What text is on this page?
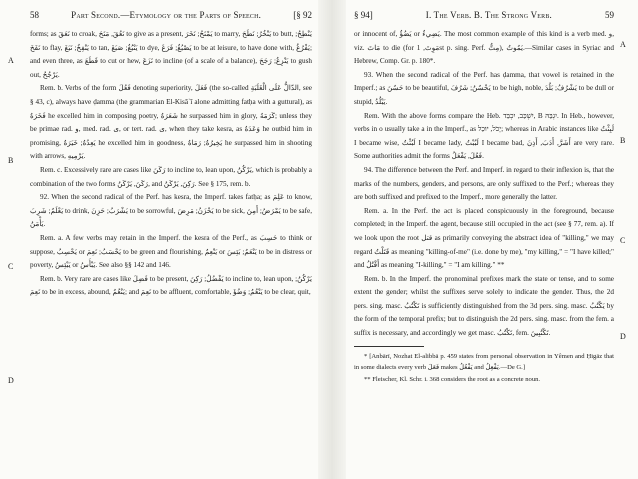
58	Part Second.—Etymology or the Parts of Speech.	[§ 92

forms; as نَعَقَ to croak, نَعُقَ, مَنَحَ to give as a present, يَمْنَحُ; نَخَرَ to marry, يَنْخُرُ; نَطَحَ to butt, يَنْطِحُ; نَفَخَ to flay, يَنْفِخُ; نَبَغَ to tan, يَنْبُغُ; صَبَغَ to dye, يَصْبُغُ; فَرَغَ to be at leisure, to have done with, يَفْرُغُ; and even three, as قَطَعَ to cut or hew, نَزَعَ to incline (of a scale of a balance), يَنْزِعُ; رَجَحَ to gush out, يَرْجُحُ.

Rem. b. Verbs of the form فَعُلَ denoting superiority, فَعَلَ (the so-called الدّالُّ عَلَى الْغَلَبَةِ, see § 43, c), always have ḍamma (the grammarian El-Kisāʾī alone admitting fatḥa with a guttural), as فَخَرَهُ he excelled him in composing poetry, شَعَرَهُ he surpassed him in glory, كَرَمَهُ; unless they be primae rad. و, med. rad. ى, or tert. rad. ى, when they take kesra, as وَعَدَهُ he outbid him in promising, يَعِدُهُ; خَيَرَهُ he excelled him in goodness, يَخِيرُهُ; رَمَاهُ he surpassed him in shooting with arrows, يَرْمِيهِ.

Rem. c. Excessively rare are cases like رَكَنَ to incline to, lean upon, يَرْكُنُ, which is probably a combination of the two forms رَكَنَ, يَرْكَنُ, and رَكِنَ, يَرْكَنُ. See § 175, rem. b.

92. When the second radical of the Perf. has kesra, the Imperf. takes fatḥa; as عَلِمَ to know, يَعْلَمُ; شَرِبَ to drink, يَشْرَبُ; حَزِنَ to be sorrowful, يَحْزَنُ; مَرِضَ to be sick, يَمْرَضُ; أَمِنَ to be safe, يَأْمَنُ.

Rem. a. A few verbs may retain in the Imperf. the kesra of the Perf., as حَسِبَ to think or suppose, يَحْسِبُ or يَحْسَبُ; نَعِمَ to be green and flourishing, يَنْعِمُ or يَنْعَمُ; بَئِسَ to be in distress or poverty, يَبْئِسُ or يَبْأَسُ. See also §§ 142 and 146.

Rem. b. Very rare are cases like فَضِلَ to be present, يَفْضُلُ; رَكِنَ to incline to, lean upon, يَرْكُنُ; نَعِمَ to be in excess, abound, يَنْعُمُ; and نَعِمَ to be affluent, comfortable, يَنْعُمُ; وَضُؤَ to be clear, quit,

A
B
C
D
§ 94]	I. The Verb. B. The Strong Verb.	59

or innocent of, يَضُؤُ or يَضِيءُ. The most common example of this kind is a verb med. و, viz. مَاتَ to die (for مَوِتَ, 1st p. sing. Perf. مِتُّ), يَمُوتُ.—Similar cases in Syriac and Hebrew, Comp. Gr. p. 180*.

93. When the second radical of the Perf. has ḍamma, that vowel is retained in the Imperf.; as حَسُنَ to be beautiful, يَحْسُنُ; شَرُفَ to be high, noble, يَشْرُفُ; بَلُدَ to be dull or stupid, يَبْلُدُ.

Rem. With the above forms compare the Heb. יִשְׁכַּב, יִכְבַּד, B יִגְבַּהּ. In Heb., however, verbs in o usually take a in the Imperf., as יָכֹל, יוּכַל; whereas in Arabic instances like لَبِثْتُ I became wise, لَبُثْتُ I became lady, لَبُبْتُ I became bad, أَشَرَّ, أَدَبَ, أَذِنَ are very rare. Some authorities admit the forms فَعُلَ, يَفْعَلُ.

94. The difference between the Perf. and Imperf. in regard to their inflexion is, that the marks of the numbers, genders, and persons, are only suffixed to the Perf.; whereas they are both suffixed and prefixed to the Imperf., more generally the latter.

Rem. a. In the Perf. the act is placed conspicuously in the foreground, because completed; in the Imperf. the agent, because still occupied in the act (see § 77, rem. a). If we look upon the root قتل as primarily conveying the abstract idea of "killing," we may regard قَتَلْتُ as meaning "killing-of-me" (i.e. done by me), "my killing," = "I have killed;" and أَقْتُلُ as meaning "I-killing," = "I am killing." **

Rem. b. In the Imperf. the pronominal prefixes mark the state or tense, and to some extent the gender; whilst the suffixes serve solely to indicate the gender. Thus, the 2d pers. sing. masc. تَكْتُبُ is sufficiently distinguished from the 3d pers. sing. masc. يَكْتُبُ by the form of the temporal prefix; but to distinguish the 2d pers. sing. masc. from the fem. a suffix is necessary, and accordingly we get masc. تَكْتُبُ, fem. تَكْتُبِينَ.

* [Anbārī, Nozhat El-alibbā p. 459 states from personal observation in Yêmen and Ḥigāz that in some dialects every verb فَعَلَ makes يَفْعُلُ and يَفْعِلُ.—De G.]

** Fleischer, Kl. Schr. i. 368 considers the root as a concrete noun.

A
B
C
D
